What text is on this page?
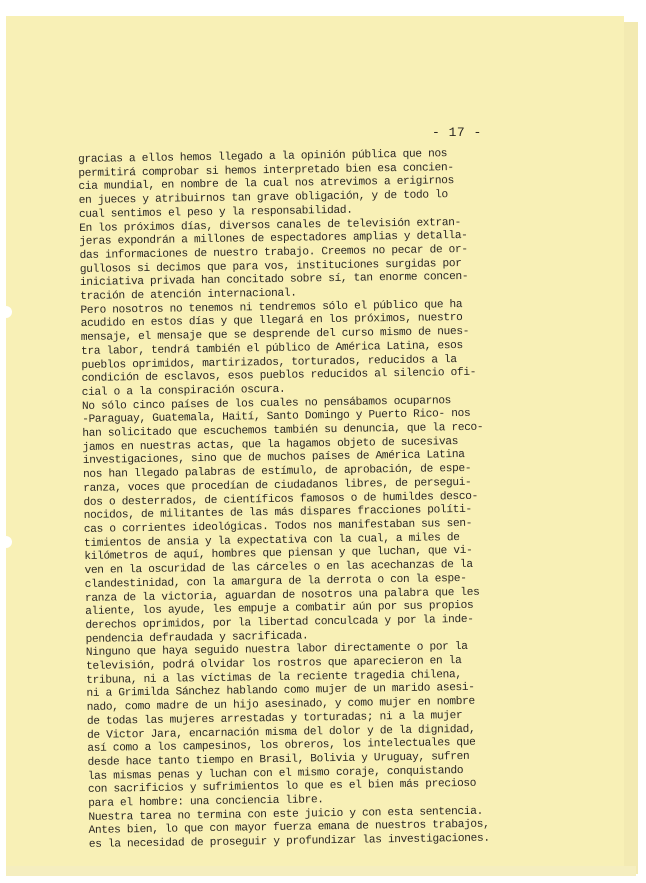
- 17 -
gracias a ellos hemos llegado a la opinión pública que nos
permitirá comprobar si hemos interpretado bien esa concien-
cia mundial, en nombre de la cual nos atrevimos a erigirnos
en jueces y atribuirnos tan grave obligación, y de todo lo
cual sentimos el peso y la responsabilidad.
En los próximos días, diversos canales de televisión extran-
jeras expondrán a millones de espectadores amplias y detalla-
das informaciones de nuestro trabajo. Creemos no pecar de or-
gullosos si decimos que para vos, instituciones surgidas por
iniciativa privada han concitado sobre sí, tan enorme concen-
tración de atención internacional.
Pero nosotros no tenemos ni tendremos sólo el público que ha
acudido en estos días y que llegará en los próximos, nuestro
mensaje, el mensaje que se desprende del curso mismo de nues-
tra labor, tendrá también el público de América Latina, esos
pueblos oprimidos, martirizados, torturados, reducidos a la
condición de esclavos, esos pueblos reducidos al silencio ofi-
cial o a la conspiración oscura.
No sólo cinco países de los cuales no pensábamos ocuparnos
-Paraguay, Guatemala, Haití, Santo Domingo y Puerto Rico- nos
han solicitado que escuchemos también su denuncia, que la reco-
jamos en nuestras actas, que la hagamos objeto de sucesivas
investigaciones, sino que de muchos países de América Latina
nos han llegado palabras de estímulo, de aprobación, de espe-
ranza, voces que procedían de ciudadanos libres, de persegui-
dos o desterrados, de científicos famosos o de humildes desco-
nocidos, de militantes de las más dispares fracciones políti-
cas o corrientes ideológicas. Todos nos manifestaban sus sen-
timientos de ansia y la expectativa con la cual, a miles de
kilómetros de aquí, hombres que piensan y que luchan, que vi-
ven en la oscuridad de las cárceles o en las acechanzas de la
clandestinidad, con la amargura de la derrota o con la espe-
ranza de la victoria, aguardan de nosotros una palabra que les
aliente, los ayude, les empuje a combatir aún por sus propios
derechos oprimidos, por la libertad conculcada y por la inde-
pendencia defraudada y sacrificada.
Ninguno que haya seguido nuestra labor directamente o por la
televisión, podrá olvidar los rostros que aparecieron en la
tribuna, ni a las víctimas de la reciente tragedia chilena,
ni a Grimilda Sánchez hablando como mujer de un marido asesi-
nado, como madre de un hijo asesinado, y como mujer en nombre
de todas las mujeres arrestadas y torturadas; ni a la mujer
de Victor Jara, encarnación misma del dolor y de la dignidad,
así como a los campesinos, los obreros, los intelectuales que
desde hace tanto tiempo en Brasil, Bolivia y Uruguay, sufren
las mismas penas y luchan con el mismo coraje, conquistando
con sacrificios y sufrimientos lo que es el bien más precioso
para el hombre: una conciencia libre.
Nuestra tarea no termina con este juicio y con esta sentencia.
Antes bien, lo que con mayor fuerza emana de nuestros trabajos,
es la necesidad de proseguir y profundizar las investigaciones.
